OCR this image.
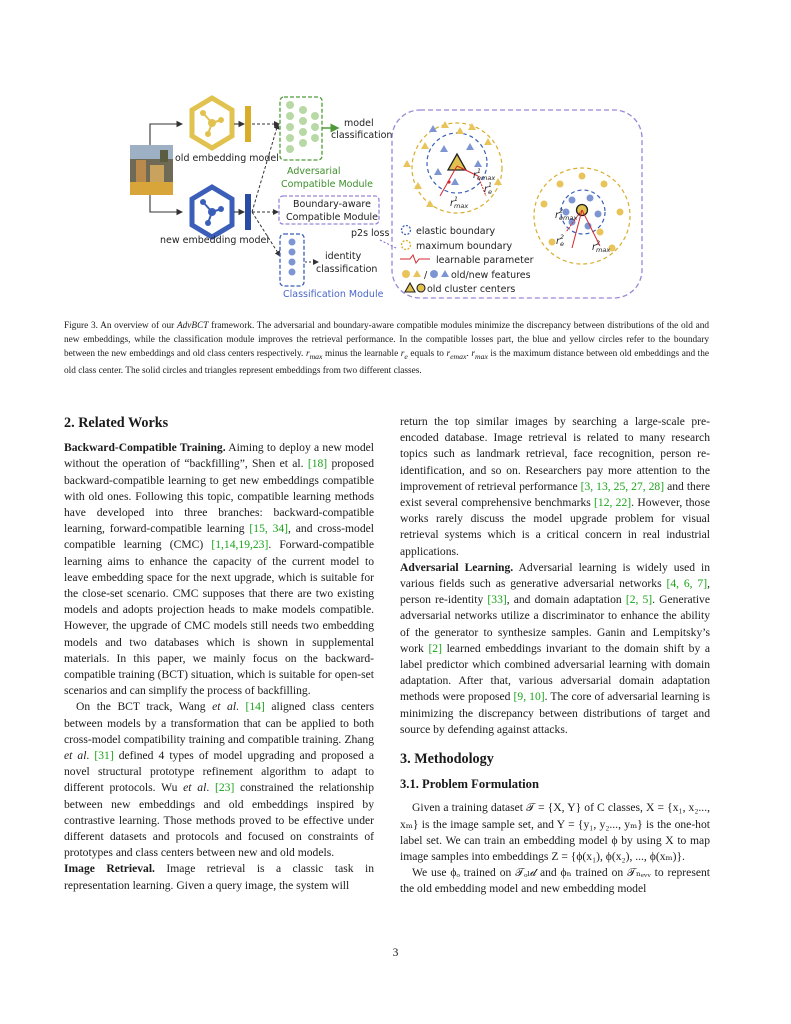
old embedding model
new embedding model
model
classification
Adversarial
Compatible Module
Boundary-aware
Compatible Module
p2s loss
identity
classification
Classification Module
$r^1$ emax
$r^1$ e
$r^1$ max
$r^2$ emax
$r^2$ e	$r^2$ max
elastic boundary
maximum boundary
learnable parameter
/	old/new features
old cluster centers

Figure 3. An overview of our AdvBCT framework. The adversarial and boundary-aware compatible modules minimize the discrepancy between distributions of the old and new embeddings, while the classification module improves the retrieval performance. In the compatible losses part, the blue and yellow circles refer to the boundary between the new embeddings and old class centers respectively. $r_{max}$ minus the learnable $r_e$ equals to $r_{emax}$. $r_{max}$ is the maximum distance between old embeddings and the old class center. The solid circles and triangles represent embeddings from two different classes.

2. Related Works

Backward-Compatible Training. Aiming to deploy a new model without the operation of “backfilling”, Shen et al. [18] proposed backward-compatible learning to get new embeddings compatible with old ones. Following this topic, compatible learning methods have developed into three branches: backward-compatible learning, forward-compatible learning [15, 34], and cross-model compatible learning (CMC) [1,14,19,23]. Forward-compatible learning aims to enhance the capacity of the current model to leave embedding space for the next upgrade, which is suitable for the close-set scenario. CMC supposes that there are two existing models and adopts projection heads to make models compatible. However, the upgrade of CMC models still needs two embedding models and two databases which is shown in supplemental materials. In this paper, we mainly focus on the backward-compatible training (BCT) situation, which is suitable for open-set scenarios and can simplify the process of backfilling.

On the BCT track, Wang et al. [14] aligned class centers between models by a transformation that can be applied to both cross-model compatibility training and compatible training. Zhang et al. [31] defined 4 types of model upgrading and proposed a novel structural prototype refinement algorithm to adapt to different protocols. Wu et al. [23] constrained the relationship between new embeddings and old embeddings inspired by contrastive learning. Those methods proved to be effective under different datasets and protocols and focused on constraints of prototypes and class centers between new and old models.

Image Retrieval. Image retrieval is a classic task in representation learning. Given a query image, the system will

return the top similar images by searching a large-scale pre-encoded database. Image retrieval is related to many research topics such as landmark retrieval, face recognition, person re-identification, and so on. Researchers pay more attention to the improvement of retrieval performance [3, 13, 25, 27, 28] and there exist several comprehensive benchmarks [12, 22]. However, those works rarely discuss the model upgrade problem for visual retrieval systems which is a critical concern in real industrial applications.

Adversarial Learning. Adversarial learning is widely used in various fields such as generative adversarial networks [4, 6, 7], person re-identity [33], and domain adaptation [2, 5]. Generative adversarial networks utilize a discriminator to enhance the ability of the generator to synthesize samples. Ganin and Lempitsky’s work [2] learned embeddings invariant to the domain shift by a label predictor which combined adversarial learning with domain adaptation. After that, various adversarial domain adaptation methods were proposed [9, 10]. The core of adversarial learning is minimizing the discrepancy between distributions of target and source by defending against attacks.

3. Methodology
3.1. Problem Formulation

Given a training dataset 𝒯 = {X, Y} of C classes, X = {x₁, x₂..., xₘ} is the image sample set, and Y = {y₁, y₂..., yₘ} is the one-hot label set. We can train an embedding model ϕ by using X to map image samples into embeddings Z = {ϕ(x₁), ϕ(x₂), ..., ϕ(xₘ)}.

We use ϕₒ trained on 𝒯ₒₗ𝒹 and ϕₙ trained on 𝒯ₙₑᵥᵥ to represent the old embedding model and new embedding model

3
